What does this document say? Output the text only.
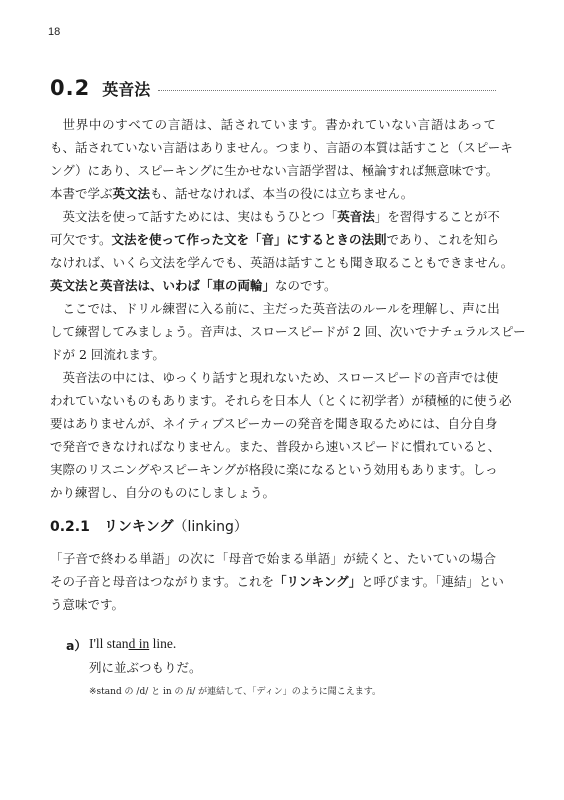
18
0.2 英音法

世界中のすべての言語は、話されています。書かれていない言語はあって
も、話されていない言語はありません。つまり、言語の本質は話すこと（スピーキ
ング）にあり、スピーキングに生かせない言語学習は、極論すれば無意味です。
本書で学ぶ英文法も、話せなければ、本当の役には立ちません。

英文法を使って話すためには、実はもうひとつ「英音法」を習得することが不
可欠です。文法を使って作った文を「音」にするときの法則であり、これを知ら
なければ、いくら文法を学んでも、英語は話すことも聞き取ることもできません。
英文法と英音法は、いわば「車の両輪」なのです。

ここでは、ドリル練習に入る前に、主だった英音法のルールを理解し、声に出
して練習してみましょう。音声は、スロースピードが 2 回、次いでナチュラルスピー
ドが 2 回流れます。

英音法の中には、ゆっくり話すと現れないため、スロースピードの音声では使
われていないものもあります。それらを日本人（とくに初学者）が積極的に使う必
要はありませんが、ネイティブスピーカーの発音を聞き取るためには、自分自身
で発音できなければなりません。また、普段から速いスピードに慣れていると、
実際のリスニングやスピーキングが格段に楽になるという効用もあります。しっ
かり練習し、自分のものにしましょう。

0.2.1 リンキング（linking）

「子音で終わる単語」の次に「母音で始まる単語」が続くと、たいていの場合
その子音と母音はつながります。これを「リンキング」と呼びます。「連結」とい
う意味です。

a） I'll stand in line.
列に並ぶつもりだ。
※stand の /d/ と in の /i/ が連結して、「ディン」のように聞こえます。
